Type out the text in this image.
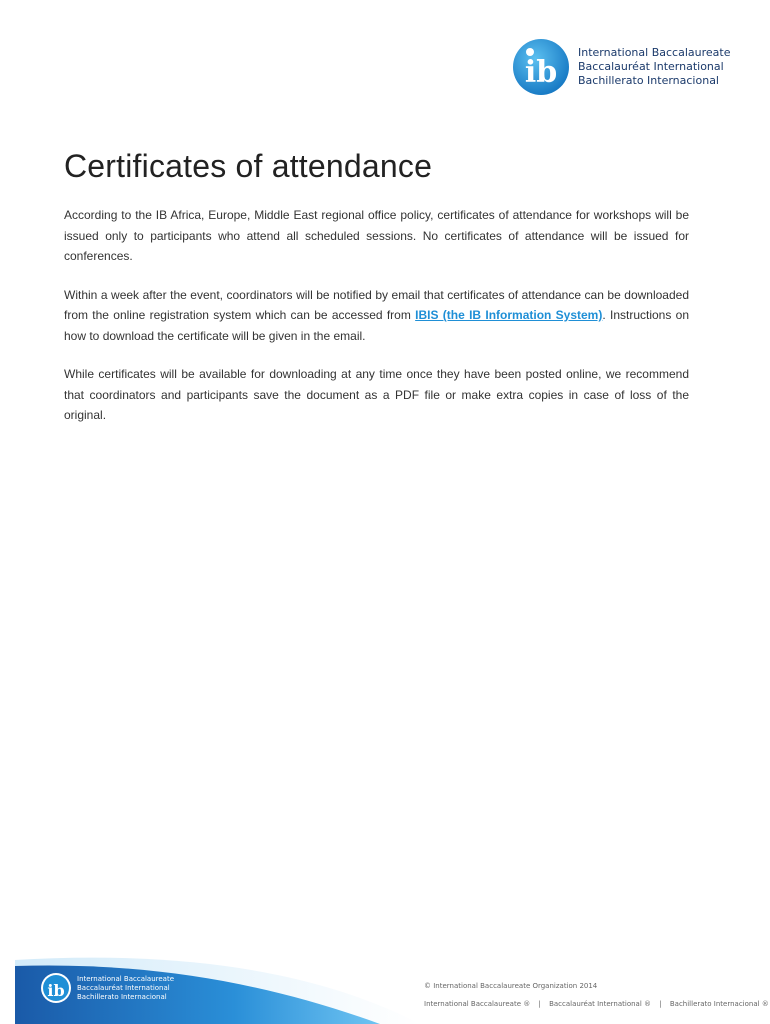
ib
International Baccalaureate
Baccalauréat International
Bachillerato Internacional
Certificates of attendance

According to the IB Africa, Europe, Middle East regional office policy, certificates of attendance for workshops will be issued only to participants who attend all scheduled sessions. No certificates of attendance will be issued for conferences.

Within a week after the event, coordinators will be notified by email that certificates of attendance can be downloaded from the online registration system which can be accessed from IBIS (the IB Information System). Instructions on how to download the certificate will be given in the email.

While certificates will be available for downloading at any time once they have been posted online, we recommend that coordinators and participants save the document as a PDF file or make extra copies in case of loss of the original.

ib
International Baccalaureate
Baccalauréat International
Bachillerato Internacional
© International Baccalaureate Organization 2014
International Baccalaureate ® | Baccalauréat International ® | Bachillerato Internacional ®
